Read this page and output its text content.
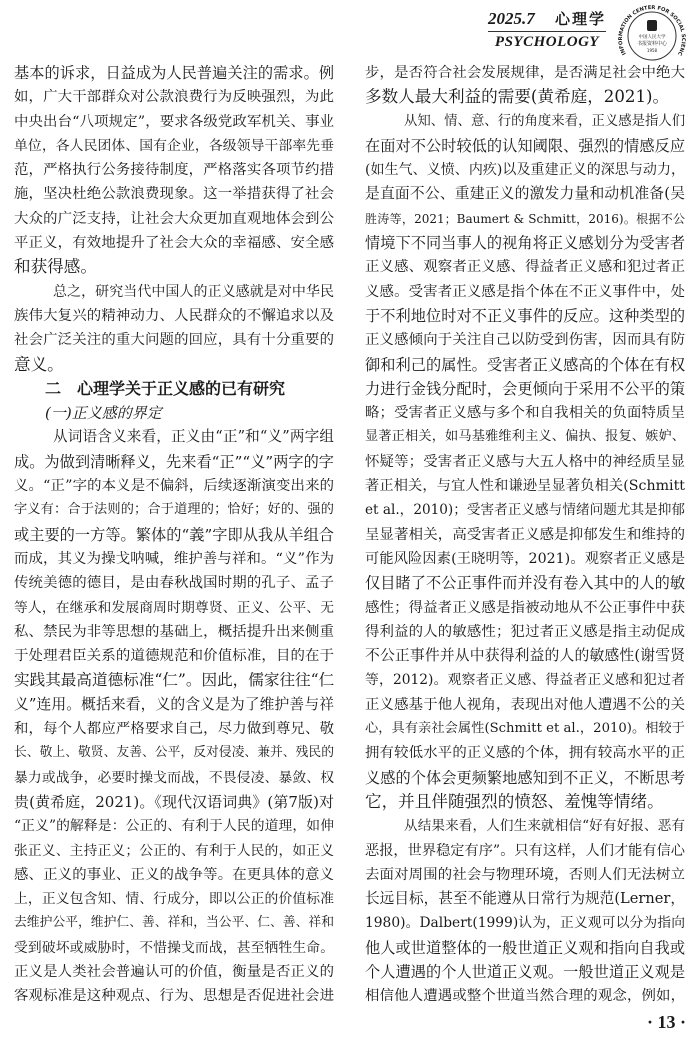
2025.7 心理学
PSYCHOLOGY
INFORMATION CENTER FOR SOCIAL SCIENC
中国人民大学
书报资料中心
1958
基本的诉求，日益成为人民普遍关注的需求。例
如，广大干部群众对公款浪费行为反映强烈，为此
中央出台“八项规定”，要求各级党政军机关、事业
单位，各人民团体、国有企业，各级领导干部率先垂
范，严格执行公务接待制度，严格落实各项节约措
施，坚决杜绝公款浪费现象。这一举措获得了社会
大众的广泛支持，让社会大众更加直观地体会到公
平正义，有效地提升了社会大众的幸福感、安全感
和获得感。
总之，研究当代中国人的正义感就是对中华民
族伟大复兴的精神动力、人民群众的不懈追求以及
社会广泛关注的重大问题的回应，具有十分重要的
意义。
二　心理学关于正义感的已有研究
(一)正义感的界定
从词语含义来看，正义由“正”和“义”两字组
成。为做到清晰释义，先来看“正”“义”两字的字
义。“正”字的本义是不偏斜，后续逐渐演变出来的
字义有：合于法则的；合于道理的；恰好；好的、强的
或主要的一方等。繁体的“義”字即从我从羊组合
而成，其义为操戈呐喊，维护善与祥和。“义”作为
传统美德的德目，是由春秋战国时期的孔子、孟子
等人，在继承和发展商周时期尊贤、正义、公平、无
私、禁民为非等思想的基础上，概括提升出来侧重
于处理君臣关系的道德规范和价值标准，目的在于
实践其最高道德标准“仁”。因此，儒家往往“仁
义”连用。概括来看，义的含义是为了维护善与祥
和，每个人都应严格要求自己，尽力做到尊兄、敬
长、敬上、敬贤、友善、公平，反对侵凌、兼并、残民的
暴力或战争，必要时操戈而战，不畏侵凌、暴敛、权
贵(黄希庭，2021)。《现代汉语词典》(第7版)对
“正义”的解释是：公正的、有利于人民的道理，如伸
张正义、主持正义；公正的、有利于人民的，如正义
感、正义的事业、正义的战争等。在更具体的意义
上，正义包含知、情、行成分，即以公正的价值标准
去维护公平，维护仁、善、祥和，当公平、仁、善、祥和
受到破坏或威胁时，不惜操戈而战，甚至牺牲生命。
正义是人类社会普遍认可的价值，衡量是否正义的
客观标准是这种观点、行为、思想是否促进社会进
步，是否符合社会发展规律，是否满足社会中绝大
多数人最大利益的需要(黄希庭，2021)。
从知、情、意、行的角度来看，正义感是指人们
在面对不公时较低的认知阈限、强烈的情感反应
(如生气、义愤、内疚)以及重建正义的深思与动力，
是直面不公、重建正义的激发力量和动机准备(吴
胜涛等，2021；Baumert & Schmitt，2016)。根据不公
情境下不同当事人的视角将正义感划分为受害者
正义感、观察者正义感、得益者正义感和犯过者正
义感。受害者正义感是指个体在不正义事件中，处
于不利地位时对不正义事件的反应。这种类型的
正义感倾向于关注自己以防受到伤害，因而具有防
御和利己的属性。受害者正义感高的个体在有权
力进行金钱分配时，会更倾向于采用不公平的策
略；受害者正义感与多个和自我相关的负面特质呈
显著正相关，如马基雅维利主义、偏执、报复、嫉妒、
怀疑等；受害者正义感与大五人格中的神经质呈显
著正相关，与宜人性和谦逊呈显著负相关(Schmitt
et al.，2010)；受害者正义感与情绪问题尤其是抑郁
呈显著相关，高受害者正义感是抑郁发生和维持的
可能风险因素(王晓明等，2021)。观察者正义感是
仅目睹了不公正事件而并没有卷入其中的人的敏
感性；得益者正义感是指被动地从不公正事件中获
得利益的人的敏感性；犯过者正义感是指主动促成
不公正事件并从中获得利益的人的敏感性(谢雪贤
等，2012)。观察者正义感、得益者正义感和犯过者
正义感基于他人视角，表现出对他人遭遇不公的关
心，具有亲社会属性(Schmitt et al.，2010)。相较于
拥有较低水平的正义感的个体，拥有较高水平的正
义感的个体会更频繁地感知到不正义，不断思考
它，并且伴随强烈的愤怒、羞愧等情绪。
从结果来看，人们生来就相信“好有好报、恶有
恶报，世界稳定有序”。只有这样，人们才能有信心
去面对周围的社会与物理环境，否则人们无法树立
长远目标，甚至不能遵从日常行为规范(Lerner，
1980)。Dalbert(1999)认为，正义观可以分为指向
他人或世道整体的一般世道正义观和指向自我或
个人遭遇的个人世道正义观。一般世道正义观是
相信他人遭遇或整个世道当然合理的观念，例如，
· 13 ·
